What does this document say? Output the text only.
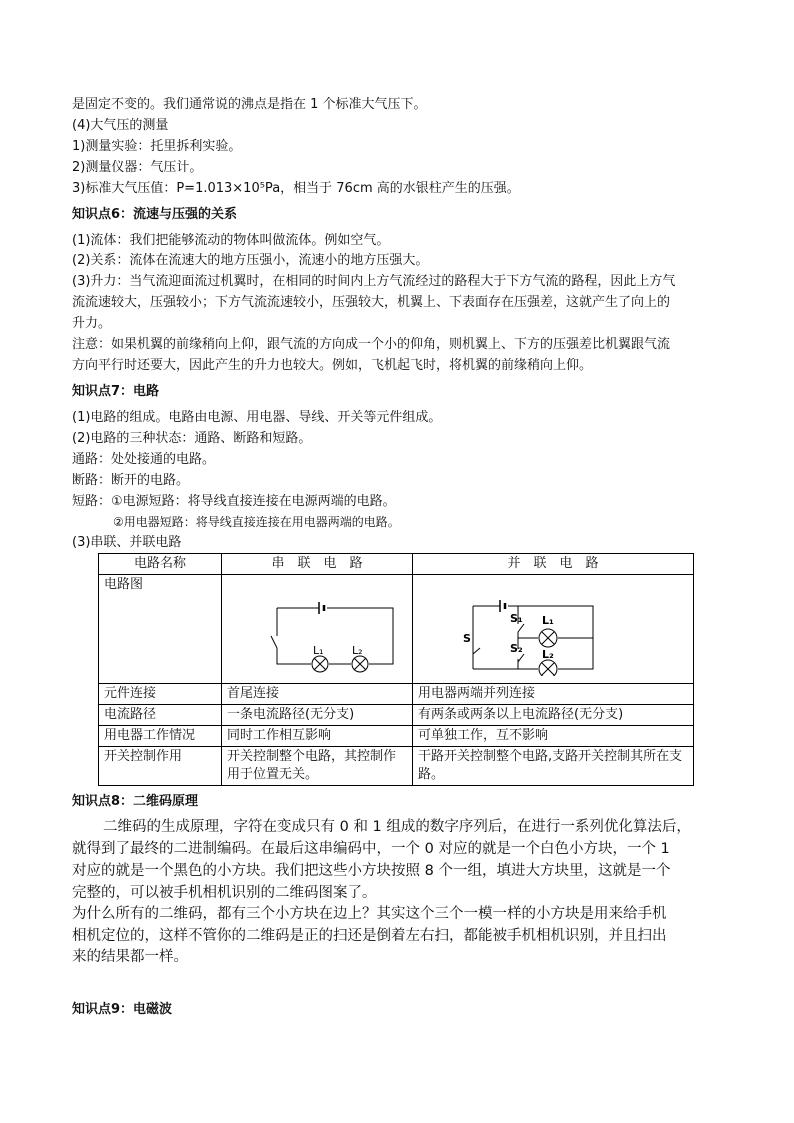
是固定不变的。我们通常说的沸点是指在 1 个标准大气压下。
(4)大气压的测量
1)测量实验：托里拆利实验。
2)测量仪器：气压计。
3)标准大气压值：P=1.013×10⁵Pa，相当于 76cm 高的水银柱产生的压强。
知识点6：流速与压强的关系
(1)流体：我们把能够流动的物体叫做流体。例如空气。
(2)关系：流体在流速大的地方压强小，流速小的地方压强大。
(3)升力：当气流迎面流过机翼时，在相同的时间内上方气流经过的路程大于下方气流的路程，因此上方气
流流速较大，压强较小；下方气流流速较小，压强较大，机翼上、下表面存在压强差，这就产生了向上的
升力。
注意：如果机翼的前缘稍向上仰，跟气流的方向成一个小的仰角，则机翼上、下方的压强差比机翼跟气流
方向平行时还要大，因此产生的升力也较大。例如，飞机起飞时，将机翼的前缘稍向上仰。
知识点7：电路
(1)电路的组成。电路由电源、用电器、导线、开关等元件组成。
(2)电路的三种状态：通路、断路和短路。
通路：处处接通的电路。
断路：断开的电路。
短路：①电源短路：将导线直接连接在电源两端的电路。
②用电器短路：将导线直接连接在用电器两端的电路。
(3)串联、并联电路
电路名称	串　联　电　路	并　联　电　路
电路图	L₁ L₂	S
S₁ L₁
S₂ L₂

元件连接	首尾连接	用电器两端并列连接
电流路径	一条电流路径(无分支)	有两条或两条以上电流路径(无分支)
用电器工作情况	同时工作相互影响	可单独工作，互不影响
开关控制作用	开关控制整个电路，其控制作用于位置无关。	干路开关控制整个电路,支路开关控制其所在支路。
知识点8：二维码原理
二维码的生成原理，字符在变成只有 0 和 1 组成的数字序列后，在进行一系列优化算法后，
就得到了最终的二进制编码。在最后这串编码中，一个 0 对应的就是一个白色小方块，一个 1
对应的就是一个黑色的小方块。我们把这些小方块按照 8 个一组，填进大方块里，这就是一个
完整的，可以被手机相机识别的二维码图案了。
为什么所有的二维码，都有三个小方块在边上？其实这个三个一模一样的小方块是用来给手机
相机定位的，这样不管你的二维码是正的扫还是倒着左右扫，都能被手机相机识别，并且扫出
来的结果都一样。
知识点9：电磁波
